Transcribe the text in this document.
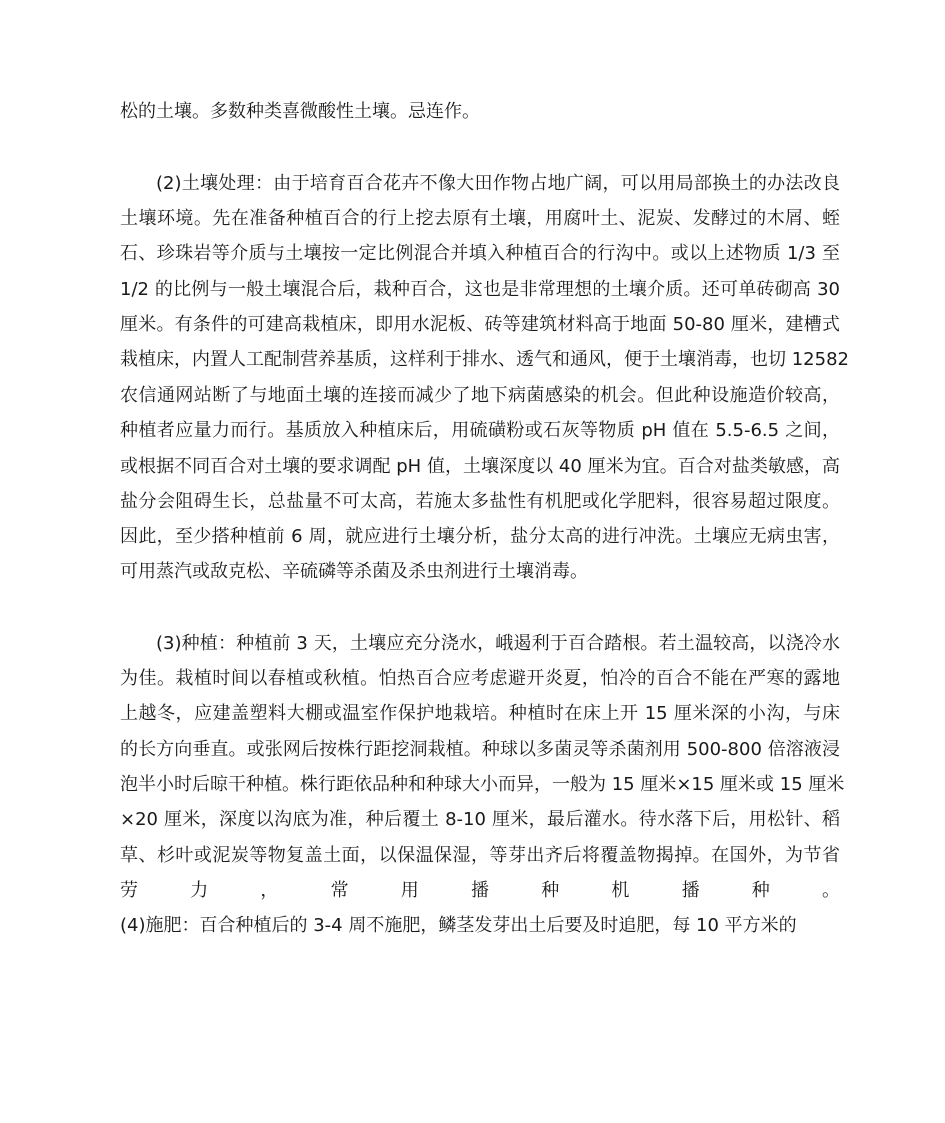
松的土壤。多数种类喜微酸性土壤。忌连作。
(2)土壤处理：由于培育百合花卉不像大田作物占地广阔，可以用局部换土的办法改良
土壤环境。先在准备种植百合的行上挖去原有土壤，用腐叶土、泥炭、发酵过的木屑、蛭
石、珍珠岩等介质与土壤按一定比例混合并填入种植百合的行沟中。或以上述物质 1/3 至
1/2 的比例与一般土壤混合后，栽种百合，这也是非常理想的土壤介质。还可单砖砌高 30
厘米。有条件的可建高栽植床，即用水泥板、砖等建筑材料高于地面 50-80 厘米，建槽式
栽植床，内置人工配制营养基质，这样利于排水、透气和通风，便于土壤消毒，也切 12582
农信通网站断了与地面土壤的连接而减少了地下病菌感染的机会。但此种设施造价较高，
种植者应量力而行。基质放入种植床后，用硫磺粉或石灰等物质 pH 值在 5.5-6.5 之间，
或根据不同百合对土壤的要求调配 pH 值，土壤深度以 40 厘米为宜。百合对盐类敏感，高
盐分会阻碍生长，总盐量不可太高，若施太多盐性有机肥或化学肥料，很容易超过限度。
因此，至少搭种植前 6 周，就应进行土壤分析，盐分太高的进行冲洗。土壤应无病虫害，
可用蒸汽或敌克松、辛硫磷等杀菌及杀虫剂进行土壤消毒。
(3)种植：种植前 3 天，土壤应充分浇水，峨遏利于百合踏根。若土温较高，以浇冷水
为佳。栽植时间以春植或秋植。怕热百合应考虑避开炎夏，怕冷的百合不能在严寒的露地
上越冬，应建盖塑料大棚或温室作保护地栽培。种植时在床上开 15 厘米深的小沟，与床
的长方向垂直。或张网后按株行距挖洞栽植。种球以多菌灵等杀菌剂用 500-800 倍溶液浸
泡半小时后晾干种植。株行距依品种和种球大小而异，一般为 15 厘米×15 厘米或 15 厘米
×20 厘米，深度以沟底为准，种后覆土 8-10 厘米，最后灌水。待水落下后，用松针、稻
草、杉叶或泥炭等物复盖土面，以保温保湿，等芽出齐后将覆盖物揭掉。在国外，为节省
劳力，常用播种机播种。
(4)施肥：百合种植后的 3-4 周不施肥，鳞茎发芽出土后要及时追肥，每 10 平方米的
